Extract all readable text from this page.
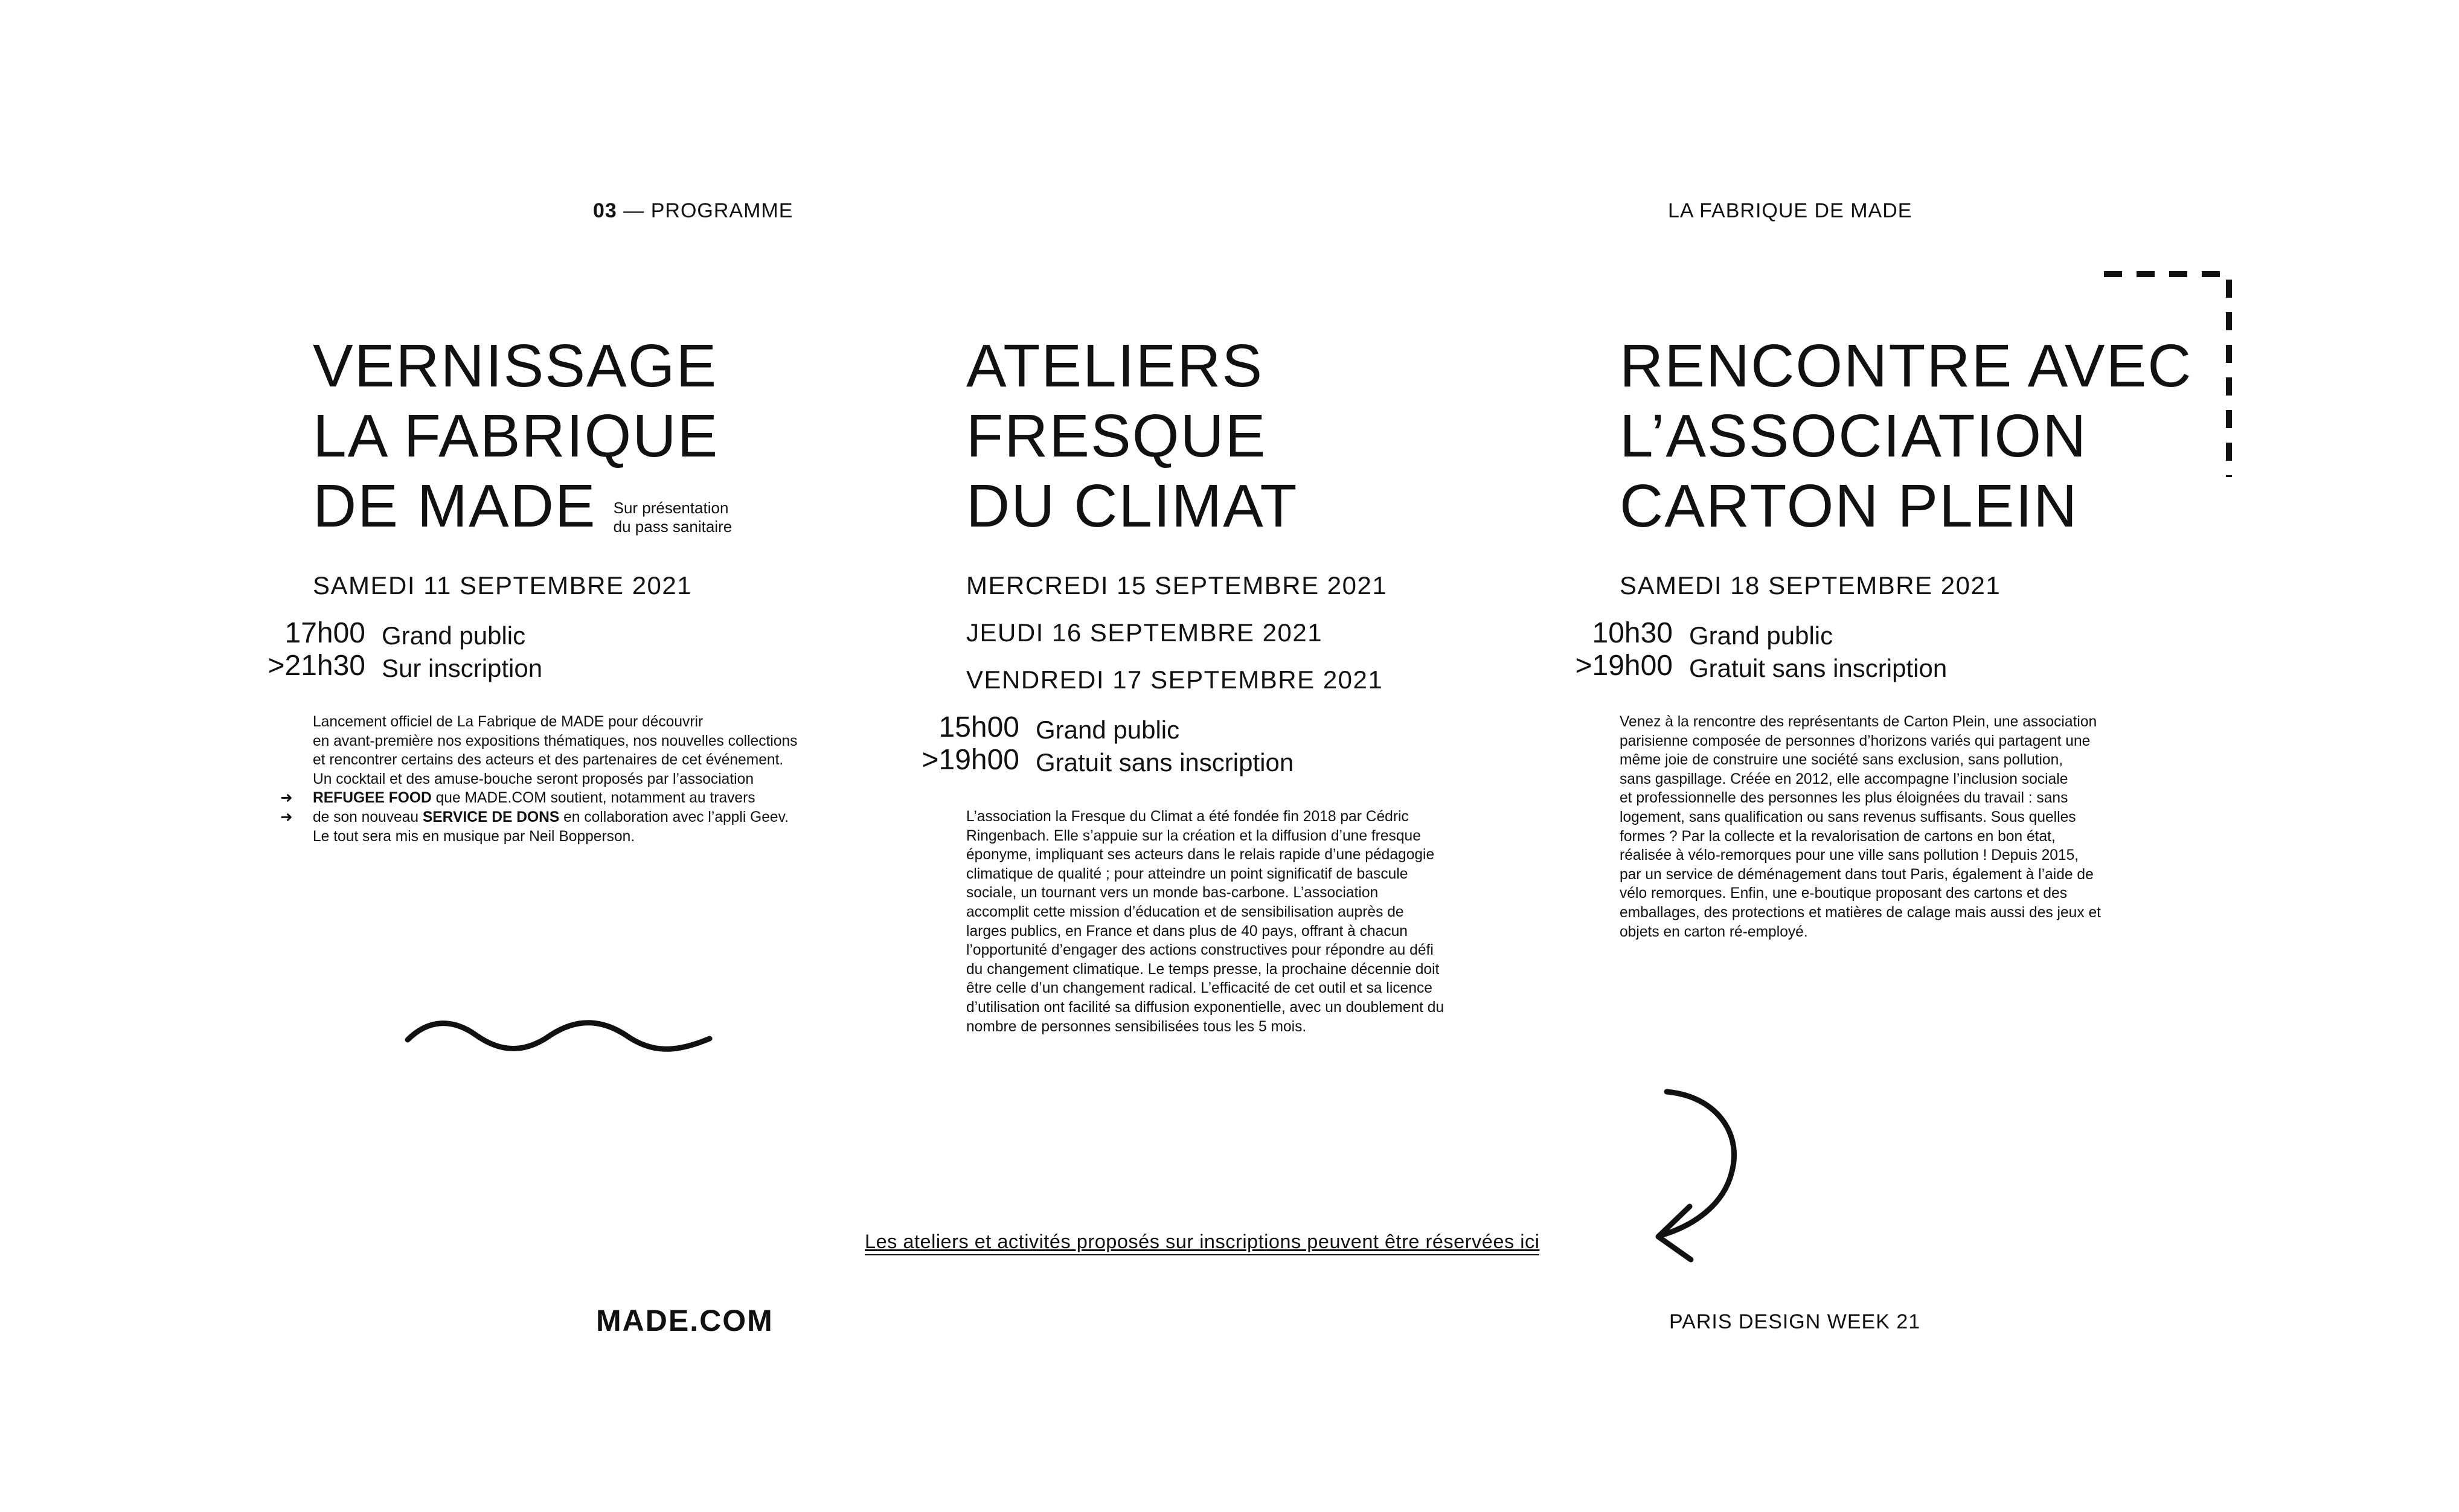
03 — PROGRAMME	LA FABRIQUE DE MADE
VERNISSAGE
LA FABRIQUE
DE MADE Sur présentation
du pass sanitaire
SAMEDI 11 SEPTEMBRE 2021
17h00 Grand public
>21h30 Sur inscription
Lancement officiel de La Fabrique de MADE pour découvrir
en avant-première nos expositions thématiques, nos nouvelles collections
et rencontrer certains des acteurs et des partenaires de cet événement.
Un cocktail et des amuse-bouche seront proposés par l’association
➜ REFUGEE FOOD que MADE.COM soutient, notamment au travers
➜ de son nouveau SERVICE DE DONS en collaboration avec l’appli Geev.
Le tout sera mis en musique par Neil Bopperson.
ATELIERS
FRESQUE
DU CLIMAT
MERCREDI 15 SEPTEMBRE 2021
JEUDI 16 SEPTEMBRE 2021
VENDREDI 17 SEPTEMBRE 2021
15h00 Grand public
>19h00 Gratuit sans inscription
L’association la Fresque du Climat a été fondée fin 2018 par Cédric
Ringenbach. Elle s’appuie sur la création et la diffusion d’une fresque
éponyme, impliquant ses acteurs dans le relais rapide d’une pédagogie
climatique de qualité ; pour atteindre un point significatif de bascule
sociale, un tournant vers un monde bas-carbone. L’association
accomplit cette mission d’éducation et de sensibilisation auprès de
larges publics, en France et dans plus de 40 pays, offrant à chacun
l’opportunité d’engager des actions constructives pour répondre au défi
du changement climatique. Le temps presse, la prochaine décennie doit
être celle d’un changement radical. L’efficacité de cet outil et sa licence
d’utilisation ont facilité sa diffusion exponentielle, avec un doublement du
nombre de personnes sensibilisées tous les 5 mois.
RENCONTRE AVEC
L’ASSOCIATION
CARTON PLEIN
SAMEDI 18 SEPTEMBRE 2021
10h30 Grand public
>19h00 Gratuit sans inscription
Venez à la rencontre des représentants de Carton Plein, une association
parisienne composée de personnes d’horizons variés qui partagent une
même joie de construire une société sans exclusion, sans pollution,
sans gaspillage. Créée en 2012, elle accompagne l’inclusion sociale
et professionnelle des personnes les plus éloignées du travail : sans
logement, sans qualification ou sans revenus suffisants. Sous quelles
formes ? Par la collecte et la revalorisation de cartons en bon état,
réalisée à vélo-remorques pour une ville sans pollution ! Depuis 2015,
par un service de déménagement dans tout Paris, également à l’aide de
vélo remorques. Enfin, une e-boutique proposant des cartons et des
emballages, des protections et matières de calage mais aussi des jeux et
objets en carton ré-employé.
Les ateliers et activités proposés sur inscriptions peuvent être réservées ici
MADE.COM	PARIS DESIGN WEEK 21
